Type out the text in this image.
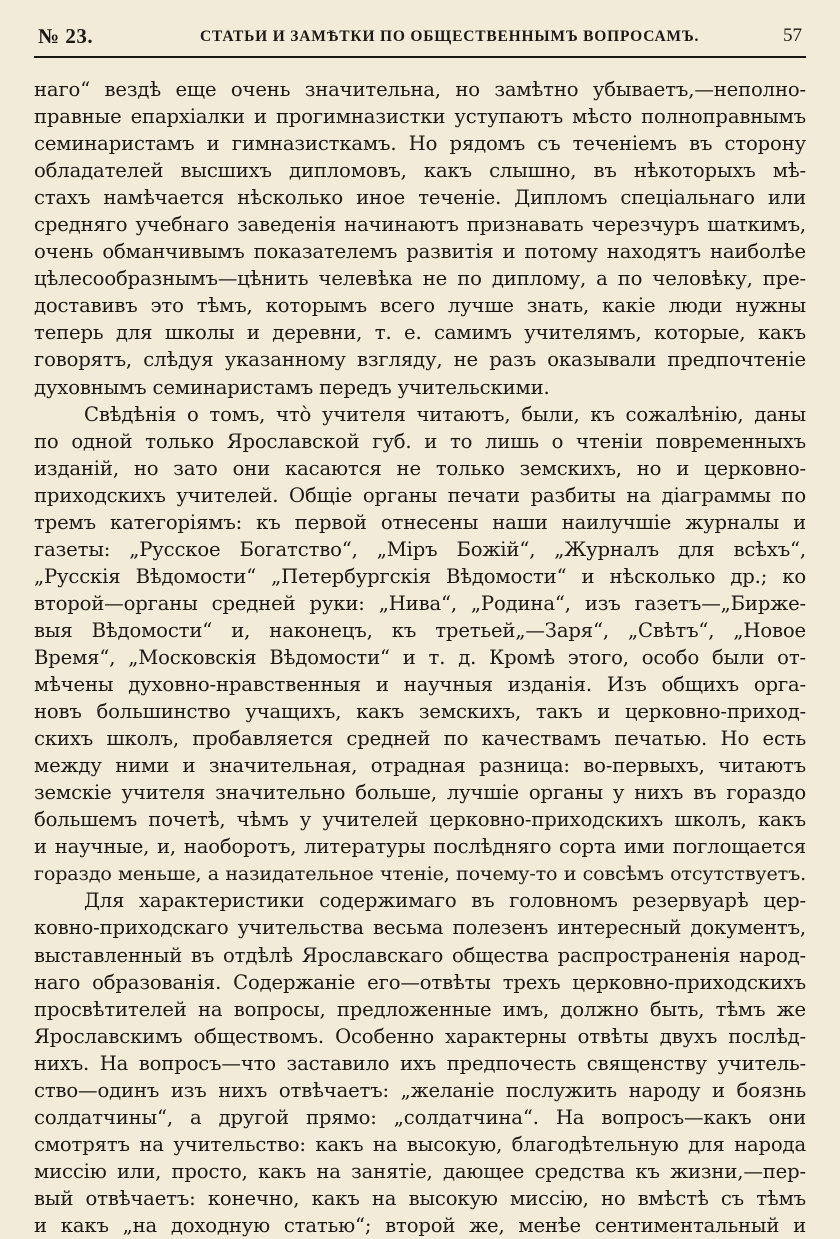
№ 23.	СТАТЬИ И ЗАМѢТКИ ПО ОБЩЕСТВЕННЫМЪ ВОПРОСАМЪ.	57
наго“ вездѣ еще очень значительна, но замѣтно убываетъ,—неполно-
правные епархіалки и прогимназистки уступаютъ мѣсто полноправнымъ
семинаристамъ и гимназисткамъ. Но рядомъ съ теченіемъ въ сторону
обладателей высшихъ дипломовъ, какъ слышно, въ нѣкоторыхъ мѣ-
стахъ намѣчается нѣсколько иное теченіе. Дипломъ спеціальнаго или
средняго учебнаго заведенія начинаютъ признавать черезчуръ шаткимъ,
очень обманчивымъ показателемъ развитія и потому находятъ наиболѣе
цѣлесообразнымъ—цѣнить челевѣка не по диплому, а по человѣку, пре-
доставивъ это тѣмъ, которымъ всего лучше знать, какіе люди нужны
теперь для школы и деревни, т. е. самимъ учителямъ, которые, какъ
говорятъ, слѣдуя указанному взгляду, не разъ оказывали предпочтеніе
духовнымъ семинаристамъ передъ учительскими.
Свѣдѣнія о томъ, что̀ учителя читаютъ, были, къ сожалѣнію, даны
по одной только Ярославской губ. и то лишь о чтеніи повременныхъ
изданій, но зато они касаются не только земскихъ, но и церковно-
приходскихъ учителей. Общіе органы печати разбиты на діаграммы по
тремъ категоріямъ: къ первой отнесены наши наилучшіе журналы и
газеты: „Русское Богатство“, „Міръ Божій“, „Журналъ для всѣхъ“,
„Русскія Вѣдомости“ „Петербургскія Вѣдомости“ и нѣсколько др.; ко
второй—органы средней руки: „Нива“, „Родина“, изъ газетъ—„Бирже-
выя Вѣдомости“ и, наконецъ, къ третьей„—Заря“, „Свѣтъ“, „Новое
Время“, „Московскія Вѣдомости“ и т. д. Кромѣ этого, особо были от-
мѣчены духовно-нравственныя и научныя изданія. Изъ общихъ орга-
новъ большинство учащихъ, какъ земскихъ, такъ и церковно-приход-
скихъ школъ, пробавляется средней по качествамъ печатью. Но есть
между ними и значительная, отрадная разница: во-первыхъ, читаютъ
земскіе учителя значительно больше, лучшіе органы у нихъ въ гораздо
большемъ почетѣ, чѣмъ у учителей церковно-приходскихъ школъ, какъ
и научные, и, наоборотъ, литературы послѣдняго сорта ими поглощается
гораздо меньше, а назидательное чтеніе, почему-то и совсѣмъ отсутствуетъ.
Для характеристики содержимаго въ головномъ резервуарѣ цер-
ковно-приходскаго учительства весьма полезенъ интересный документъ,
выставленный въ отдѣлѣ Ярославскаго общества распространенія народ-
наго образованія. Содержаніе его—отвѣты трехъ церковно-приходскихъ
просвѣтителей на вопросы, предложенные имъ, должно быть, тѣмъ же
Ярославскимъ обществомъ. Особенно характерны отвѣты двухъ послѣд-
нихъ. На вопросъ—что заставило ихъ предпочесть священству учитель-
ство—одинъ изъ нихъ отвѣчаетъ: „желаніе послужить народу и боязнь
солдатчины“, а другой прямо: „солдатчина“. На вопросъ—какъ они
смотрятъ на учительство: какъ на высокую, благодѣтельную для народа
миссію или, просто, какъ на занятіе, дающее средства къ жизни,—пер-
вый отвѣчаетъ: конечно, какъ на высокую миссію, но вмѣстѣ съ тѣмъ
и какъ „на доходную статью“; второй же, менѣе сентиментальный и
